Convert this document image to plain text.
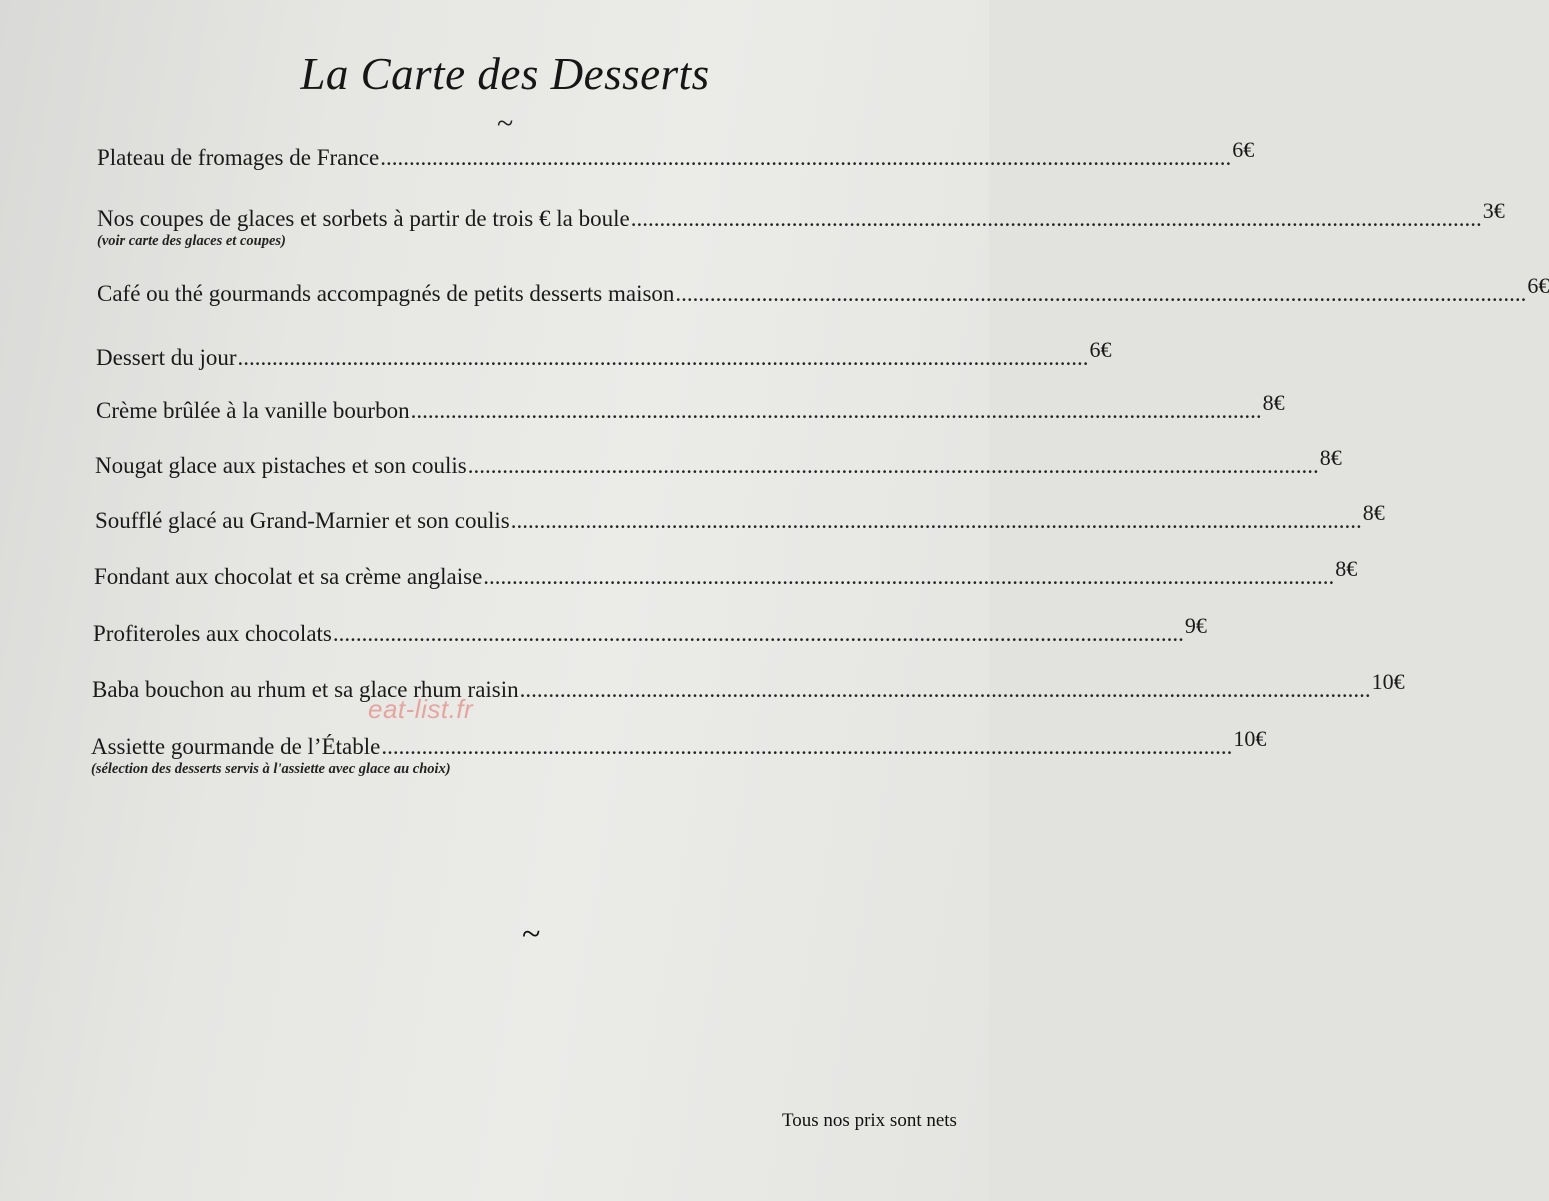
La Carte des Desserts
~
Plateau de fromages de France .................................................................................................................................................... 6€
Nos coupes de glaces et sorbets à partir de trois € la boule .................................................................................................................................................... 3€
(voir carte des glaces et coupes)
Café ou thé gourmands accompagnés de petits desserts maison .................................................................................................................................................... 6€
Dessert du jour .................................................................................................................................................... 6€
Crème brûlée à la vanille bourbon .................................................................................................................................................... 8€
Nougat glace aux pistaches et son coulis .................................................................................................................................................... 8€
Soufflé glacé au Grand-Marnier et son coulis .................................................................................................................................................... 8€
Fondant aux chocolat et sa crème anglaise .................................................................................................................................................... 8€
Profiteroles aux chocolats .................................................................................................................................................... 9€
Baba bouchon au rhum et sa glace rhum raisin .................................................................................................................................................... 10€
Assiette gourmande de l’Étable .................................................................................................................................................... 10€
(sélection des desserts servis à l'assiette avec glace au choix)
eat-list.fr
~
Tous nos prix sont nets
